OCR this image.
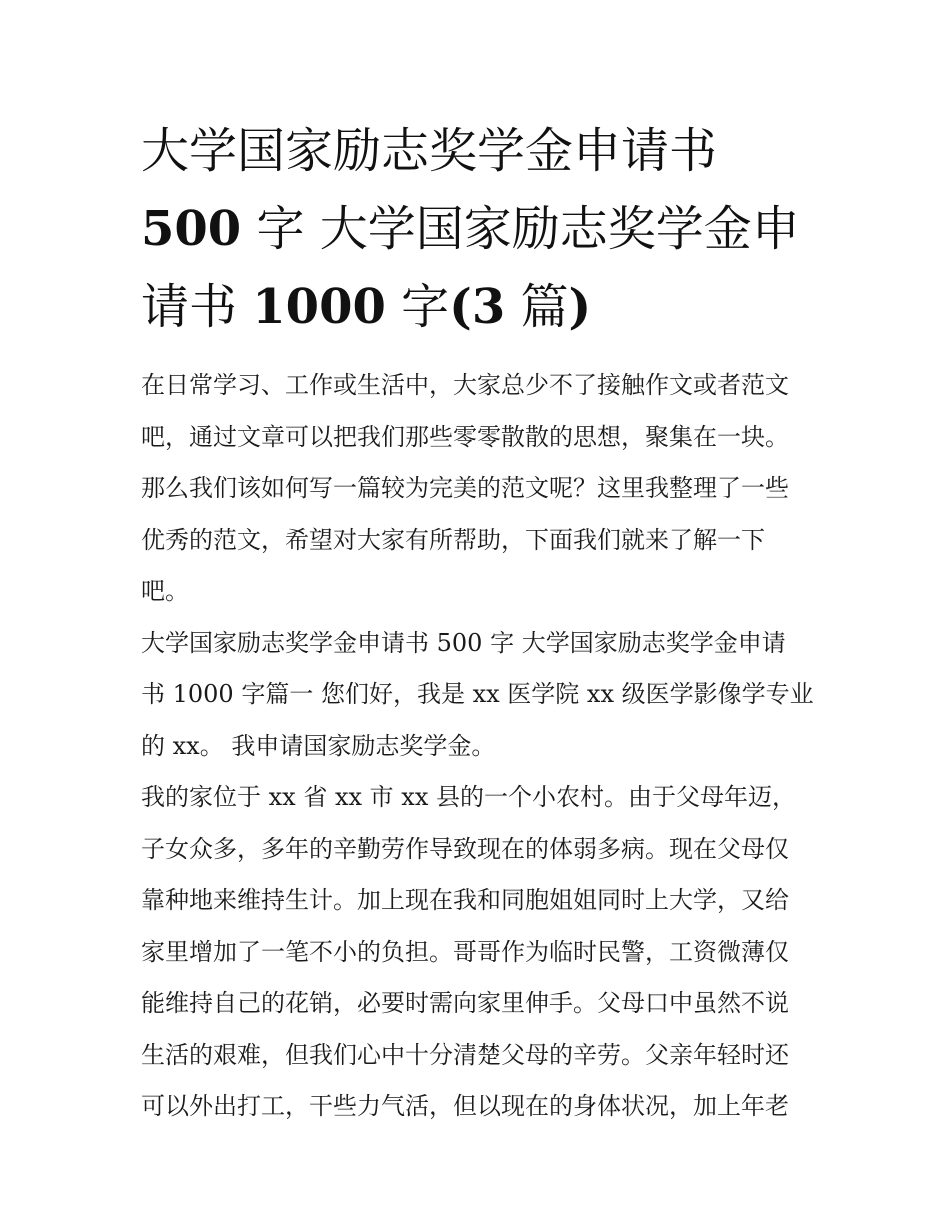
大学国家励志奖学金申请书
500 字 大学国家励志奖学金申
请书 1000 字(3 篇)

在日常学习、工作或生活中，大家总少不了接触作文或者范文
吧，通过文章可以把我们那些零零散散的思想，聚集在一块。
那么我们该如何写一篇较为完美的范文呢？这里我整理了一些
优秀的范文，希望对大家有所帮助，下面我们就来了解一下
吧。

大学国家励志奖学金申请书 500 字 大学国家励志奖学金申请
书 1000 字篇一 您们好，我是 xx 医学院 xx 级医学影像学专业
的 xx。 我申请国家励志奖学金。

我的家位于 xx 省 xx 市 xx 县的一个小农村。由于父母年迈，
子女众多，多年的辛勤劳作导致现在的体弱多病。现在父母仅
靠种地来维持生计。加上现在我和同胞姐姐同时上大学，又给
家里增加了一笔不小的负担。哥哥作为临时民警，工资微薄仅
能维持自己的花销，必要时需向家里伸手。父母口中虽然不说
生活的艰难，但我们心中十分清楚父母的辛劳。父亲年轻时还
可以外出打工，干些力气活，但以现在的身体状况，加上年老
